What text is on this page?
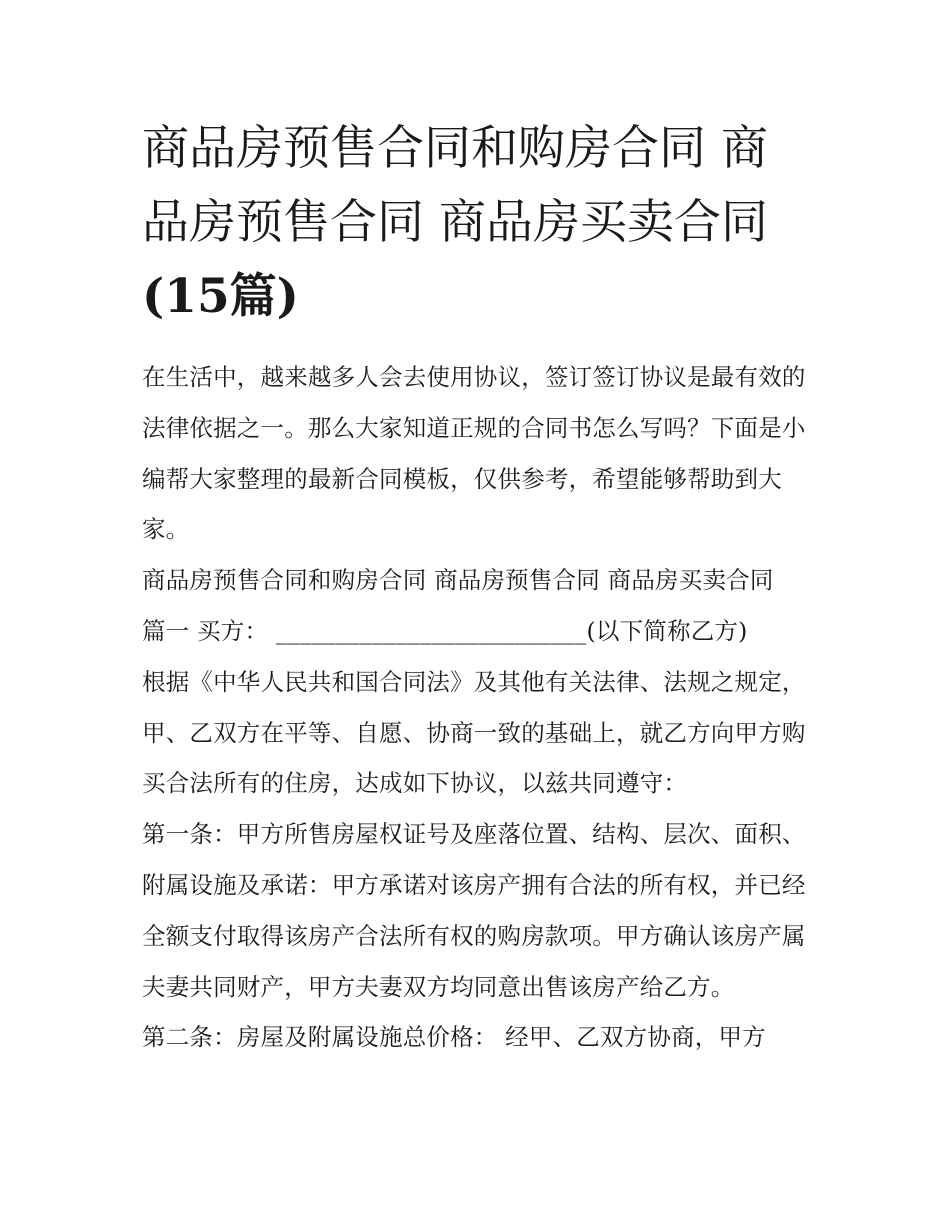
商品房预售合同和购房合同 商品房预售合同 商品房买卖合同
(15篇)

在生活中，越来越多人会去使用协议，签订签订协议是最有效的法律依据之一。那么大家知道正规的合同书怎么写吗？下面是小编帮大家整理的最新合同模板，仅供参考，希望能够帮助到大家。

商品房预售合同和购房合同 商品房预售合同 商品房买卖合同

篇一 买方： __________________________(以下简称乙方)

根据《中华人民共和国合同法》及其他有关法律、法规之规定，甲、乙双方在平等、自愿、协商一致的基础上，就乙方向甲方购买合法所有的住房，达成如下协议，以兹共同遵守：

第一条：甲方所售房屋权证号及座落位置、结构、层次、面积、附属设施及承诺：甲方承诺对该房产拥有合法的所有权，并已经全额支付取得该房产合法所有权的购房款项。甲方确认该房产属夫妻共同财产，甲方夫妻双方均同意出售该房产给乙方。

第二条：房屋及附属设施总价格： 经甲、乙双方协商，甲方
